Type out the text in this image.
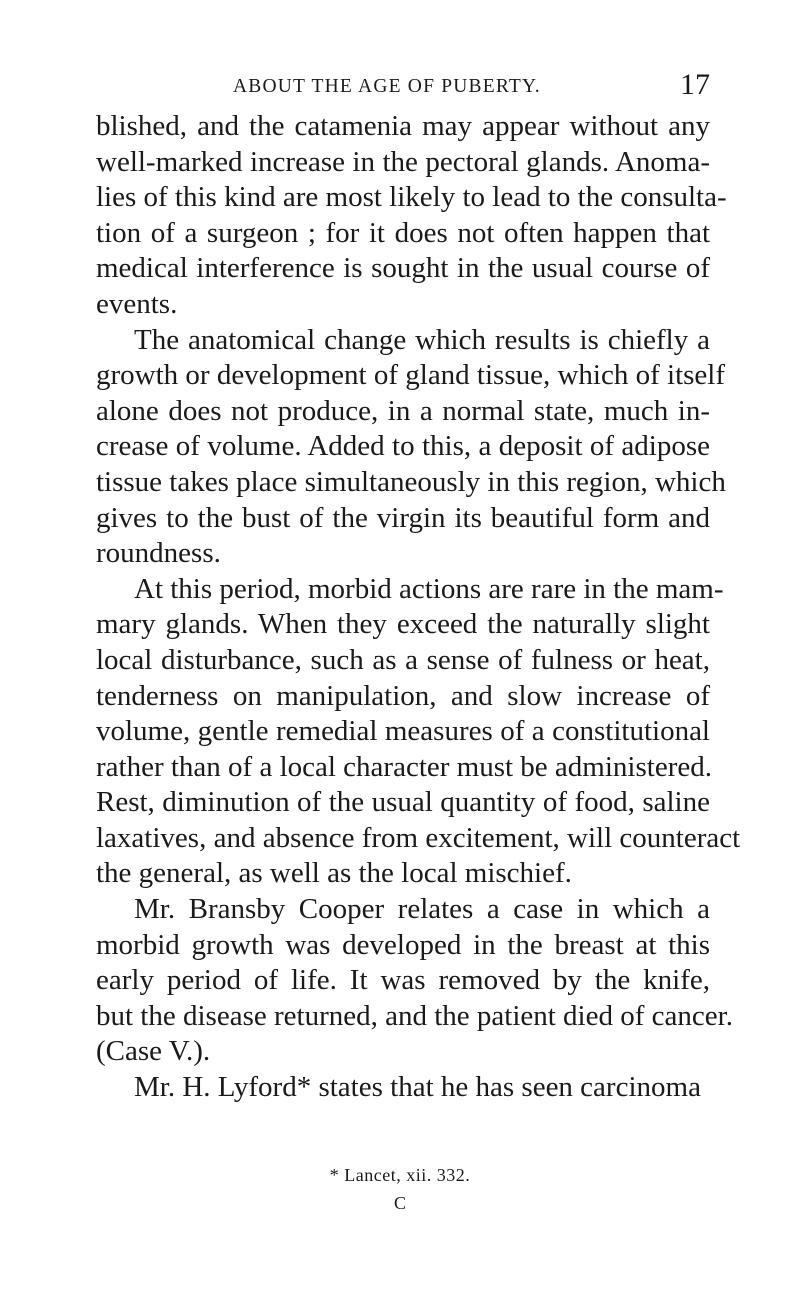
ABOUT THE AGE OF PUBERTY.	17
blished, and the catamenia may appear without any
well-marked increase in the pectoral glands. Anoma-
lies of this kind are most likely to lead to the consulta-
tion of a surgeon ; for it does not often happen that
medical interference is sought in the usual course of
events.
The anatomical change which results is chiefly a
growth or development of gland tissue, which of itself
alone does not produce, in a normal state, much in-
crease of volume. Added to this, a deposit of adipose
tissue takes place simultaneously in this region, which
gives to the bust of the virgin its beautiful form and
roundness.
At this period, morbid actions are rare in the mam-
mary glands. When they exceed the naturally slight
local disturbance, such as a sense of fulness or heat,
tenderness on manipulation, and slow increase of
volume, gentle remedial measures of a constitutional
rather than of a local character must be administered.
Rest, diminution of the usual quantity of food, saline
laxatives, and absence from excitement, will counteract
the general, as well as the local mischief.
Mr. Bransby Cooper relates a case in which a
morbid growth was developed in the breast at this
early period of life. It was removed by the knife,
but the disease returned, and the patient died of cancer.
(Case V.).
Mr. H. Lyford* states that he has seen carcinoma
* Lancet, xii. 332.
C
